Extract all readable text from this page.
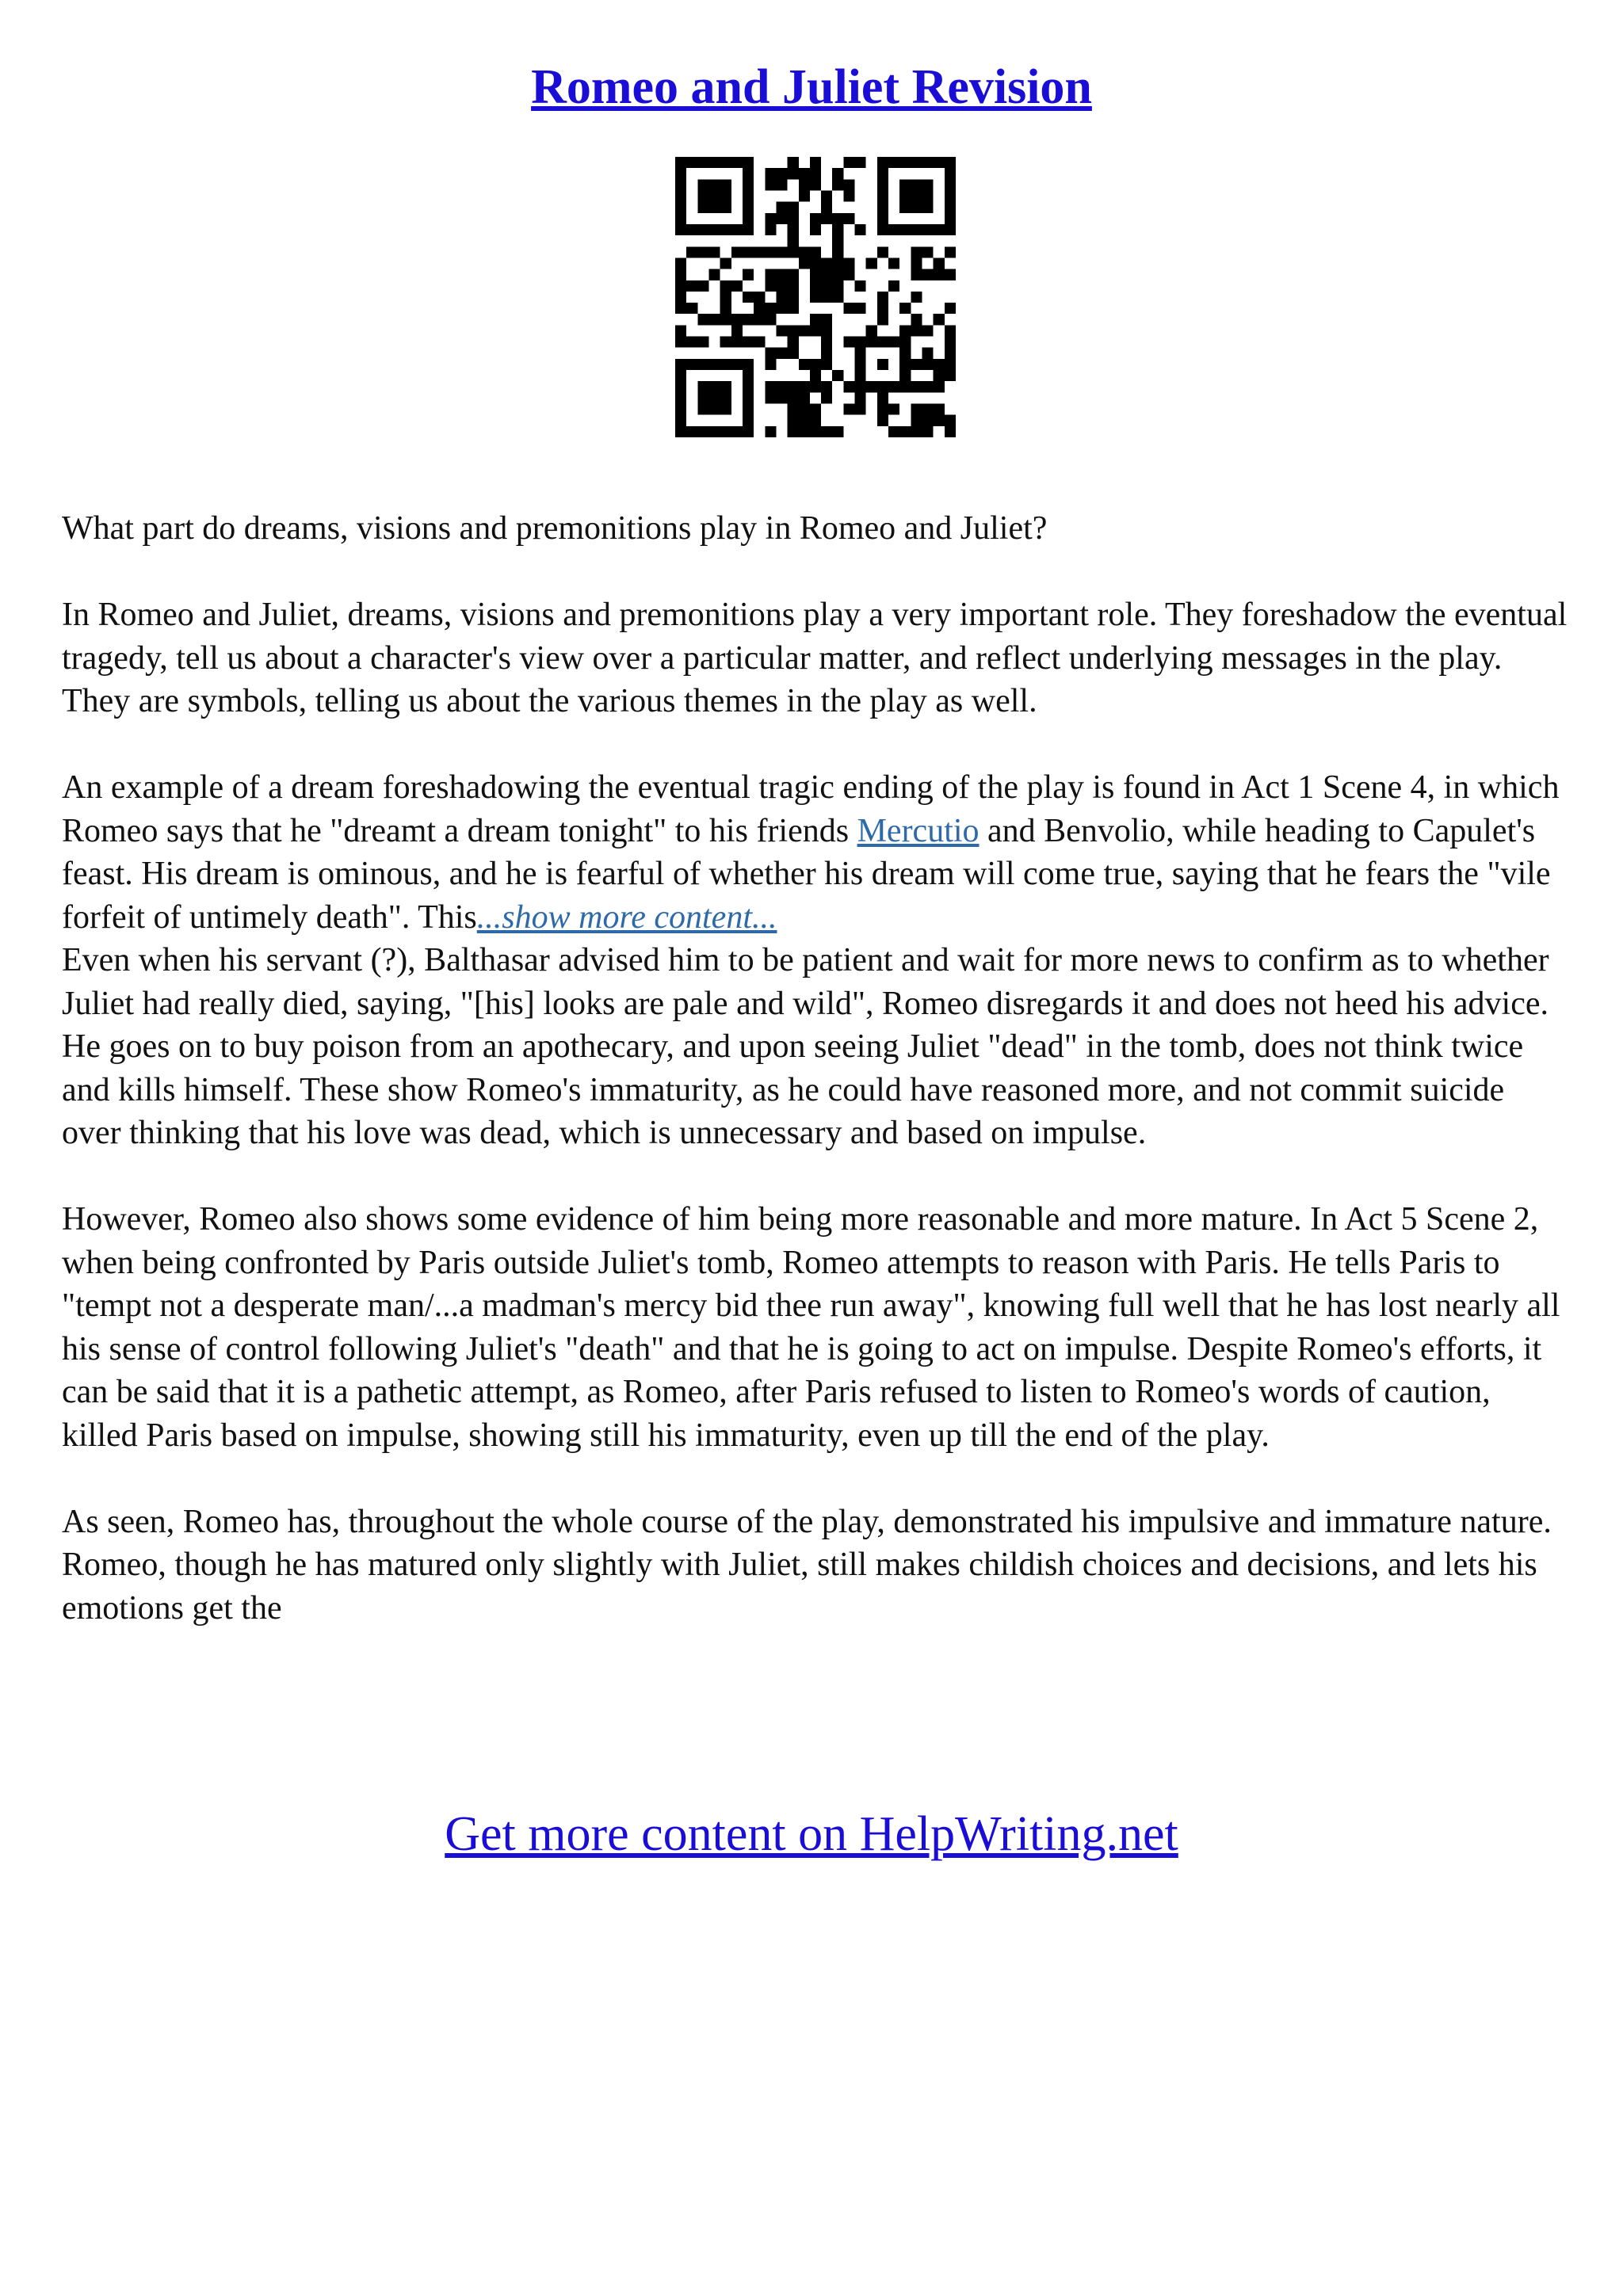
Romeo and Juliet Revision

What part do dreams, visions and premonitions play in Romeo and Juliet?

In Romeo and Juliet, dreams, visions and premonitions play a very important role. They foreshadow the eventual tragedy, tell us about a character's view over a particular matter, and reflect underlying messages in the play. They are symbols, telling us about the various themes in the play as well.

An example of a dream foreshadowing the eventual tragic ending of the play is found in Act 1 Scene 4, in which Romeo says that he "dreamt a dream tonight" to his friends Mercutio and Benvolio, while heading to Capulet's feast. His dream is ominous, and he is fearful of whether his dream will come true, saying that he fears the "vile forfeit of untimely death". This...show more content...

Even when his servant (?), Balthasar advised him to be patient and wait for more news to confirm as to whether Juliet had really died, saying, "[his] looks are pale and wild", Romeo disregards it and does not heed his advice. He goes on to buy poison from an apothecary, and upon seeing Juliet "dead" in the tomb, does not think twice and kills himself. These show Romeo's immaturity, as he could have reasoned more, and not commit suicide over thinking that his love was dead, which is unnecessary and based on impulse.

However, Romeo also shows some evidence of him being more reasonable and more mature. In Act 5 Scene 2, when being confronted by Paris outside Juliet's tomb, Romeo attempts to reason with Paris. He tells Paris to "tempt not a desperate man/...a madman's mercy bid thee run away", knowing full well that he has lost nearly all his sense of control following Juliet's "death" and that he is going to act on impulse. Despite Romeo's efforts, it can be said that it is a pathetic attempt, as Romeo, after Paris refused to listen to Romeo's words of caution, killed Paris based on impulse, showing still his immaturity, even up till the end of the play.

As seen, Romeo has, throughout the whole course of the play, demonstrated his impulsive and immature nature. Romeo, though he has matured only slightly with Juliet, still makes childish choices and decisions, and lets his emotions get the

Get more content on HelpWriting.net
